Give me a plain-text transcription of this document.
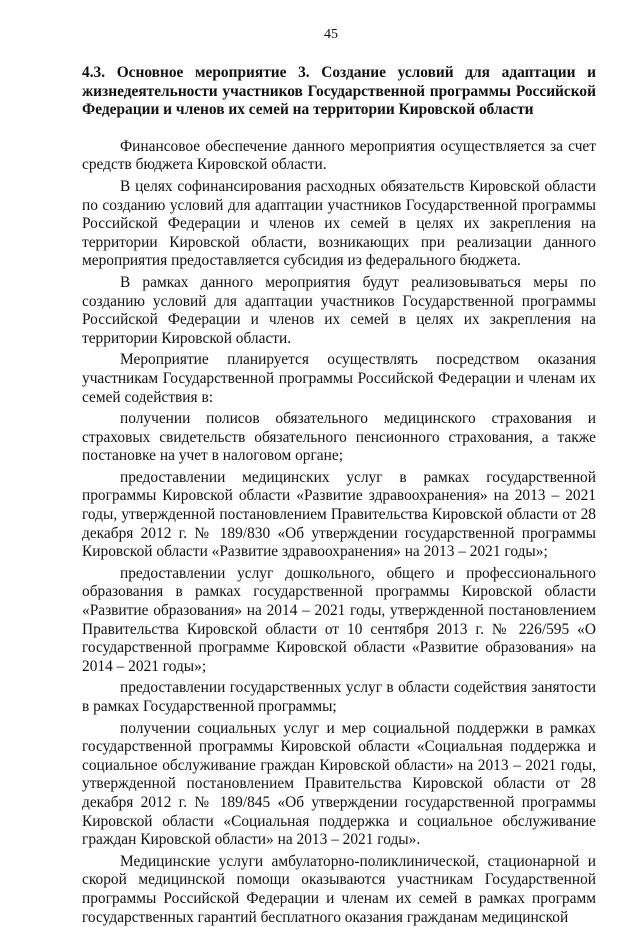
45
4.3. Основное мероприятие 3. Создание условий для адаптации и жизнедеятельности участников Государственной программы Российской Федерации и членов их семей на территории Кировской области

Финансовое обеспечение данного мероприятия осуществляется за счет средств бюджета Кировской области.

В целях софинансирования расходных обязательств Кировской области по созданию условий для адаптации участников Государственной программы Российской Федерации и членов их семей в целях их закрепления на территории Кировской области, возникающих при реализации данного мероприятия предоставляется субсидия из федерального бюджета.

В рамках данного мероприятия будут реализовываться меры по созданию условий для адаптации участников Государственной программы Российской Федерации и членов их семей в целях их закрепления на территории Кировской области.

Мероприятие планируется осуществлять посредством оказания участникам Государственной программы Российской Федерации и членам их семей содействия в:

получении полисов обязательного медицинского страхования и страховых свидетельств обязательного пенсионного страхования, а также постановке на учет в налоговом органе;

предоставлении медицинских услуг в рамках государственной программы Кировской области «Развитие здравоохранения» на 2013 – 2021 годы, утвержденной постановлением Правительства Кировской области от 28 декабря 2012 г. № 189/830 «Об утверждении государственной программы Кировской области «Развитие здравоохранения» на 2013 – 2021 годы»;

предоставлении услуг дошкольного, общего и профессионального образования в рамках государственной программы Кировской области «Развитие образования» на 2014 – 2021 годы, утвержденной постановлением Правительства Кировской области от 10 сентября 2013 г. № 226/595 «О государственной программе Кировской области «Развитие образования» на 2014 – 2021 годы»;

предоставлении государственных услуг в области содействия занятости в рамках Государственной программы;

получении социальных услуг и мер социальной поддержки в рамках государственной программы Кировской области «Социальная поддержка и социальное обслуживание граждан Кировской области» на 2013 – 2021 годы, утвержденной постановлением Правительства Кировской области от 28 декабря 2012 г. № 189/845 «Об утверждении государственной программы Кировской области «Социальная поддержка и социальное обслуживание граждан Кировской области» на 2013 – 2021 годы».

Медицинские услуги амбулаторно-поликлинической, стационарной и скорой медицинской помощи оказываются участникам Государственной программы Российской Федерации и членам их семей в рамках программ государственных гарантий бесплатного оказания гражданам медицинской
